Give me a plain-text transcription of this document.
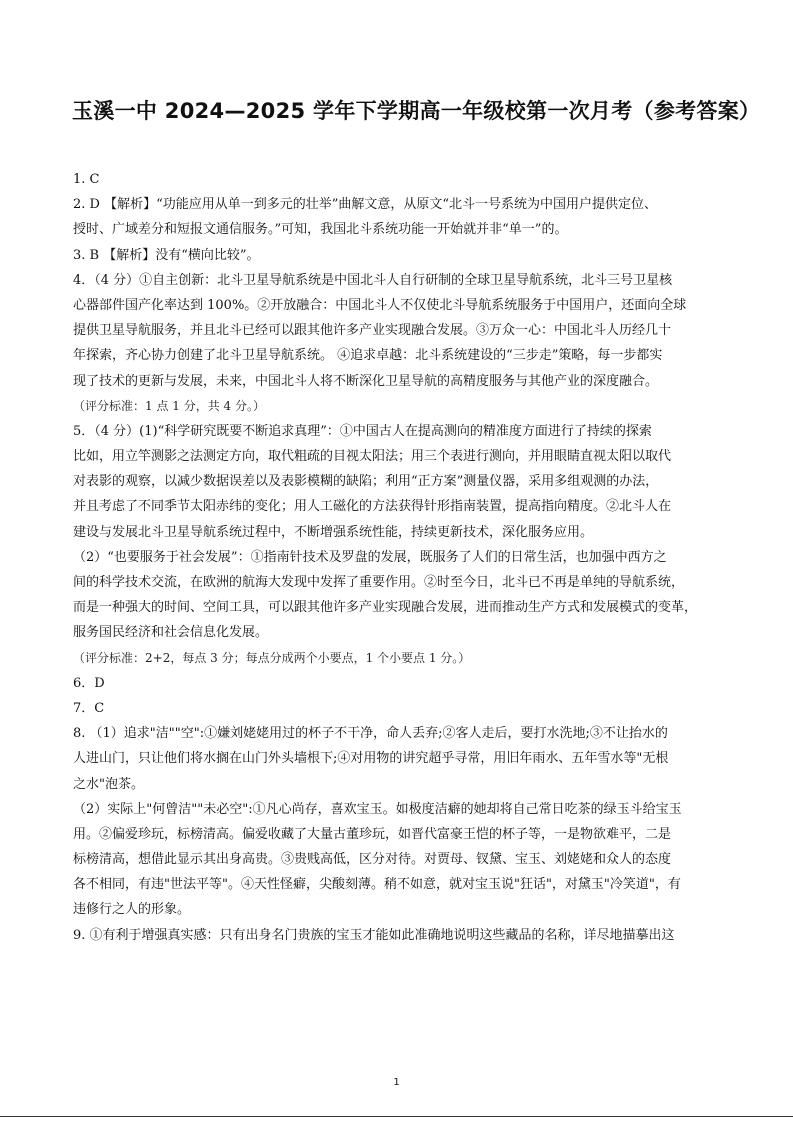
玉溪一中 2024—2025 学年下学期高一年级校第一次月考（参考答案）
1. C
2. D 【解析】“功能应用从单一到多元的壮举”曲解文意，从原文“北斗一号系统为中国用户提供定位、
授时、广域差分和短报文通信服务。”可知，我国北斗系统功能一开始就并非“单一”的。
3. B 【解析】没有“横向比较”。
4．（4 分）①自主创新：北斗卫星导航系统是中国北斗人自行研制的全球卫星导航系统，北斗三号卫星核
心器部件国产化率达到 100%。②开放融合：中国北斗人不仅使北斗导航系统服务于中国用户，还面向全球
提供卫星导航服务，并且北斗已经可以跟其他许多产业实现融合发展。③万众一心：中国北斗人历经几十
年探索，齐心协力创建了北斗卫星导航系统。 ④追求卓越：北斗系统建设的“三步走”策略，每一步都实
现了技术的更新与发展，未来，中国北斗人将不断深化卫星导航的高精度服务与其他产业的深度融合。
（评分标准：1 点 1 分，共 4 分。）
5．（4 分）(1)“科学研究既要不断追求真理”：①中国古人在提高测向的精准度方面进行了持续的探索
比如，用立竿测影之法测定方向，取代粗疏的目视太阳法；用三个表进行测向，并用眼睛直视太阳以取代
对表影的观察，以减少数据误差以及表影模糊的缺陷；利用“正方案”测量仪器，采用多组观测的办法，
并且考虑了不同季节太阳赤纬的变化；用人工磁化的方法获得针形指南装置，提高指向精度。②北斗人在
建设与发展北斗卫星导航系统过程中，不断增强系统性能，持续更新技术，深化服务应用。
（2）“也要服务于社会发展”：①指南针技术及罗盘的发展，既服务了人们的日常生活，也加强中西方之
间的科学技术交流，在欧洲的航海大发现中发挥了重要作用。②时至今日，北斗已不再是单纯的导航系统，
而是一种强大的时间、空间工具，可以跟其他许多产业实现融合发展，进而推动生产方式和发展模式的变革，
服务国民经济和社会信息化发展。
（评分标准：2+2，每点 3 分；每点分成两个小要点，1 个小要点 1 分。）
6．D
7．C
8. （1）追求"洁""空":①嫌刘姥姥用过的杯子不干净，命人丢弃;②客人走后，要打水洗地;③不让抬水的
人进山门，只让他们将水搁在山门外头墙根下;④对用物的讲究超乎寻常，用旧年雨水、五年雪水等"无根
之水"泡茶。
（2）实际上"何曾洁""未必空":①凡心尚存，喜欢宝玉。如极度洁癖的她却将自己常日吃茶的绿玉斗给宝玉
用。②偏爱珍玩，标榜清高。偏爱收藏了大量古董珍玩，如晋代富豪王恺的杯子等，一是物欲难平，二是
标榜清高，想借此显示其出身高贵。③贵贱高低，区分对待。对贾母、钗黛、宝玉、刘姥姥和众人的态度
各不相同，有违"世法平等"。④天性怪癖，尖酸刻薄。稍不如意，就对宝玉说"狂话"，对黛玉"冷笑道"，有
违修行之人的形象。
9. ①有利于增强真实感：只有出身名门贵族的宝玉才能如此准确地说明这些藏品的名称，详尽地描摹出这
1
